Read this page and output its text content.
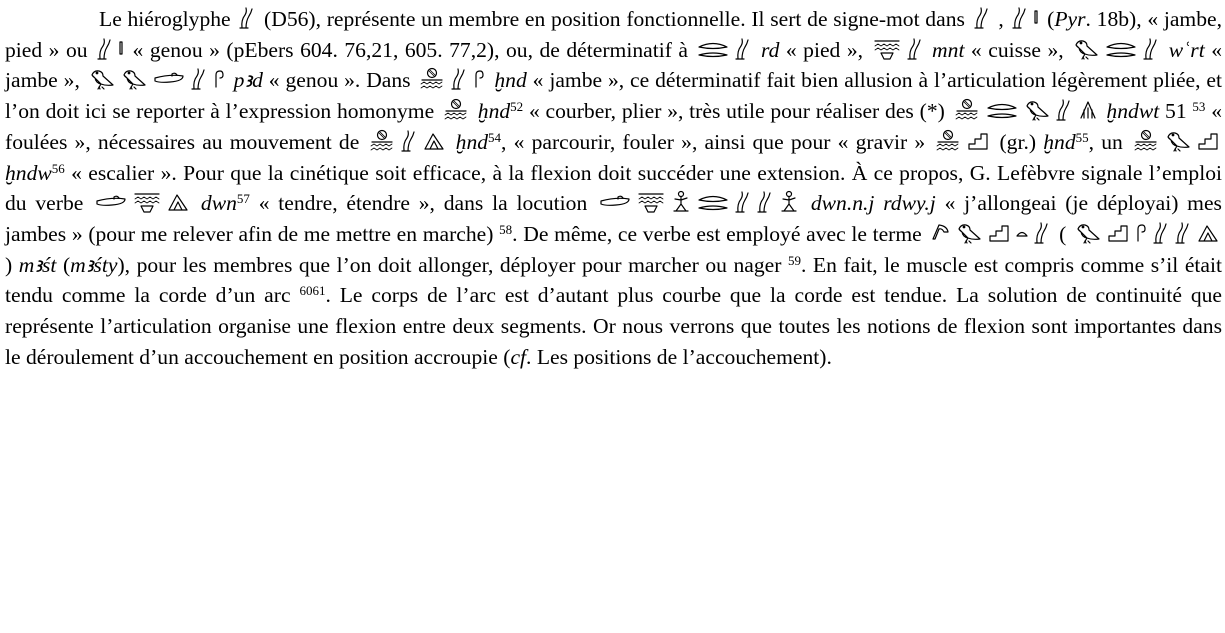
Le hiéroglyphe
(D56), représente un membre en position fonctionnelle. Il sert de signe-mot dans
,
(Pyr. 18b), « jambe, pied » ou
« genou » (pEbers 604. 76,21, 605. 77,2), ou, de déterminatif à	rd « pied »,	mnt « cuisse »,	wʿrt « jambe »,	pꜣd « genou ». Dans	ḫnd « jambe », ce déterminatif fait bien allusion à l’articulation légèrement pliée, et l’on doit ici se reporter à l’expression homonyme
ḫnd$^{52}$ « courber, plier », très utile pour réaliser des (*)	ḫndwt 51 $^{53}$ « foulées », nécessaires au mouvement de	ḫnd$^{54}$, « parcourir, fouler », ainsi que pour « gravir »	(gr.) ḫnd$^{55}$, un
ḫndw$^{56}$ « escalier ». Pour que la cinétique soit efficace, à la flexion doit succéder une extension. À ce propos, G. Lefèbvre signale l’emploi du verbe	dwn$^{57}$ « tendre, étendre », dans la locution	dwn.n.j rdwy.j « j’allongeai (je déployai) mes jambes » (pour me relever afin de me mettre en marche) $^{58}$. De même, ce verbe est employé avec le terme	(
) mꜣśt (mꜣśty), pour les membres que l’on doit allonger, déployer pour marcher ou nager $^{59}$. En fait, le muscle est compris comme s’il était tendu comme la corde d’un arc $^{6061}$. Le corps de l’arc est d’autant plus courbe que la corde est tendue. La solution de continuité que représente l’articulation organise une flexion entre deux segments. Or nous verrons que toutes les notions de flexion sont importantes dans le déroulement d’un accouchement en position accroupie (cf. Les positions de l’accouchement).
